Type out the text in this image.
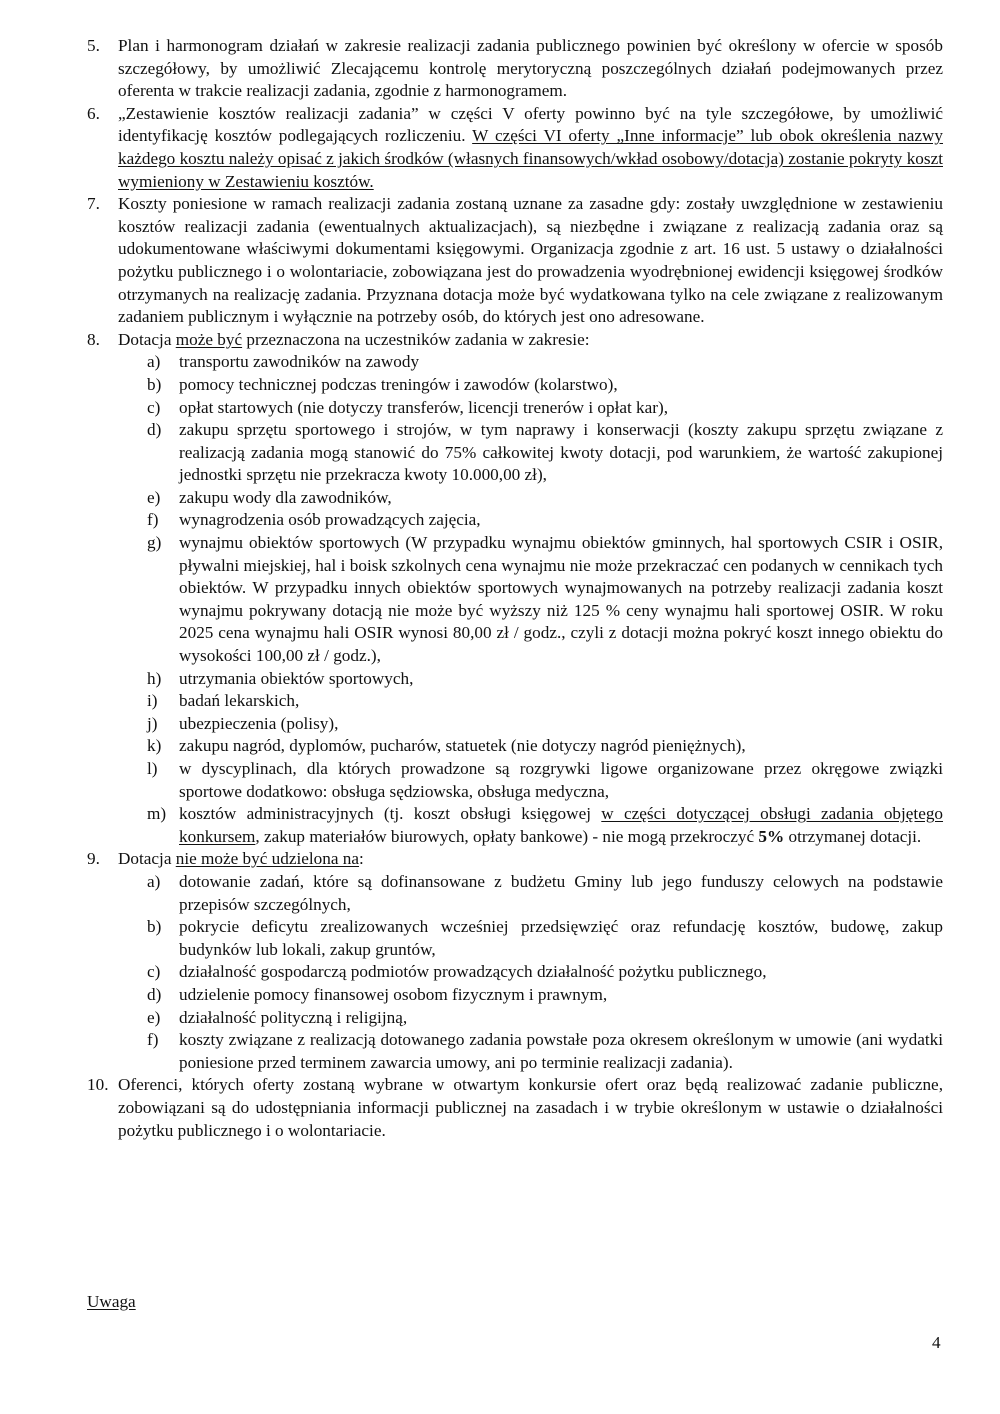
5. Plan i harmonogram działań w zakresie realizacji zadania publicznego powinien być określony w ofercie w sposób szczegółowy, by umożliwić Zlecającemu kontrolę merytoryczną poszczególnych działań podejmowanych przez oferenta w trakcie realizacji zadania, zgodnie z harmonogramem.

6. „Zestawienie kosztów realizacji zadania” w części V oferty powinno być na tyle szczegółowe, by umożliwić identyfikację kosztów podlegających rozliczeniu. W części VI oferty „Inne informacje” lub obok określenia nazwy każdego kosztu należy opisać z jakich środków (własnych finansowych/wkład osobowy/dotacja) zostanie pokryty koszt wymieniony w Zestawieniu kosztów.

7. Koszty poniesione w ramach realizacji zadania zostaną uznane za zasadne gdy: zostały uwzględnione w zestawieniu kosztów realizacji zadania (ewentualnych aktualizacjach), są niezbędne i związane z realizacją zadania oraz są udokumentowane właściwymi dokumentami księgowymi. Organizacja zgodnie z art. 16 ust. 5 ustawy o działalności pożytku publicznego i o wolontariacie, zobowiązana jest do prowadzenia wyodrębnionej ewidencji księgowej środków otrzymanych na realizację zadania. Przyznana dotacja może być wydatkowana tylko na cele związane z realizowanym zadaniem publicznym i wyłącznie na potrzeby osób, do których jest ono adresowane.

8. Dotacja może być przeznaczona na uczestników zadania w zakresie:
a) transportu zawodników na zawody
b) pomocy technicznej podczas treningów i zawodów (kolarstwo),
c) opłat startowych (nie dotyczy transferów, licencji trenerów i opłat kar),
d) zakupu sprzętu sportowego i strojów, w tym naprawy i konserwacji (koszty zakupu sprzętu związane z realizacją zadania mogą stanowić do 75% całkowitej kwoty dotacji, pod warunkiem, że wartość zakupionej jednostki sprzętu nie przekracza kwoty 10.000,00 zł),
e) zakupu wody dla zawodników,
f) wynagrodzenia osób prowadzących zajęcia,
g) wynajmu obiektów sportowych (W przypadku wynajmu obiektów gminnych, hal sportowych CSIR i OSIR, pływalni miejskiej, hal i boisk szkolnych cena wynajmu nie może przekraczać cen podanych w cennikach tych obiektów. W przypadku innych obiektów sportowych wynajmowanych na potrzeby realizacji zadania koszt wynajmu pokrywany dotacją nie może być wyższy niż 125 % ceny wynajmu hali sportowej OSIR. W roku 2025 cena wynajmu hali OSIR wynosi 80,00 zł / godz., czyli z dotacji można pokryć koszt innego obiektu do wysokości 100,00 zł / godz.),
h) utrzymania obiektów sportowych,
i) badań lekarskich,
j) ubezpieczenia (polisy),
k) zakupu nagród, dyplomów, pucharów, statuetek (nie dotyczy nagród pieniężnych),
l) w dyscyplinach, dla których prowadzone są rozgrywki ligowe organizowane przez okręgowe związki sportowe dodatkowo: obsługa sędziowska, obsługa medyczna,
m) kosztów administracyjnych (tj. koszt obsługi księgowej w części dotyczącej obsługi zadania objętego konkursem, zakup materiałów biurowych, opłaty bankowe) - nie mogą przekroczyć 5% otrzymanej dotacji.
9. Dotacja nie może być udzielona na:
a) dotowanie zadań, które są dofinansowane z budżetu Gminy lub jego funduszy celowych na podstawie przepisów szczególnych,
b) pokrycie deficytu zrealizowanych wcześniej przedsięwzięć oraz refundację kosztów, budowę, zakup budynków lub lokali, zakup gruntów,
c) działalność gospodarczą podmiotów prowadzących działalność pożytku publicznego,
d) udzielenie pomocy finansowej osobom fizycznym i prawnym,
e) działalność polityczną i religijną,
f) koszty związane z realizacją dotowanego zadania powstałe poza okresem określonym w umowie (ani wydatki poniesione przed terminem zawarcia umowy, ani po terminie realizacji zadania).

10. Oferenci, których oferty zostaną wybrane w otwartym konkursie ofert oraz będą realizować zadanie publiczne, zobowiązani są do udostępniania informacji publicznej na zasadach i w trybie określonym w ustawie o działalności pożytku publicznego i o wolontariacie.

Uwaga
4
